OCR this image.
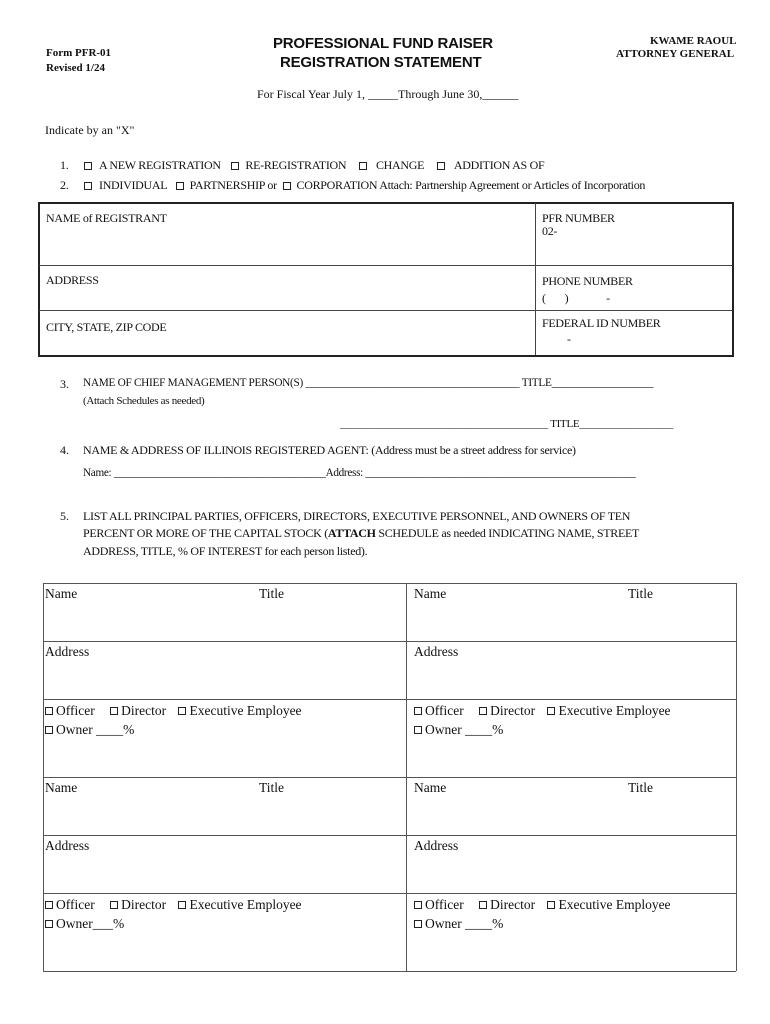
Form PFR-01
Revised 1/24
PROFESSIONAL FUND RAISER
REGISTRATION STATEMENT
KWAME RAOUL
ATTORNEY GENERAL
For Fiscal Year July 1, _____Through June 30,______
Indicate by an "X"
1.	A NEW REGISTRATION RE-REGISTRATION CHANGE ADDITION AS OF
2.	INDIVIDUAL PARTNERSHIP or CORPORATION Attach: Partnership Agreement or Articles of Incorporation
NAME of REGISTRANT	PFR NUMBER
02-
ADDRESS	PHONE NUMBER
(       )              -
CITY, STATE, ZIP CODE	FEDERAL ID NUMBER
-
3. NAME OF CHIEF MANAGEMENT PERSON(S) ________________________________________ TITLE___________________
(Attach Schedules as needed)
________________________________________ TITLE__________________
4. NAME & ADDRESS OF ILLINOIS REGISTERED AGENT: (Address must be a street address for service)
Name: ________________________________________Address: ___________________________________________________
5. LIST ALL PRINCIPAL PARTIES, OFFICERS, DIRECTORS, EXECUTIVE PERSONNEL, AND OWNERS OF TEN
PERCENT OR MORE OF THE CAPITAL STOCK (ATTACH SCHEDULE as needed INDICATING NAME, STREET
ADDRESS, TITLE, % OF INTEREST for each person listed).
Name	Title
Address
Officer Director Executive Employee
Owner ____%
Name	Title
Address
Officer Director Executive Employee
Owner ____%
Name	Title
Address
Officer Director Executive Employee
Owner___%
Name	Title
Address
Officer Director Executive Employee
Owner ____%
